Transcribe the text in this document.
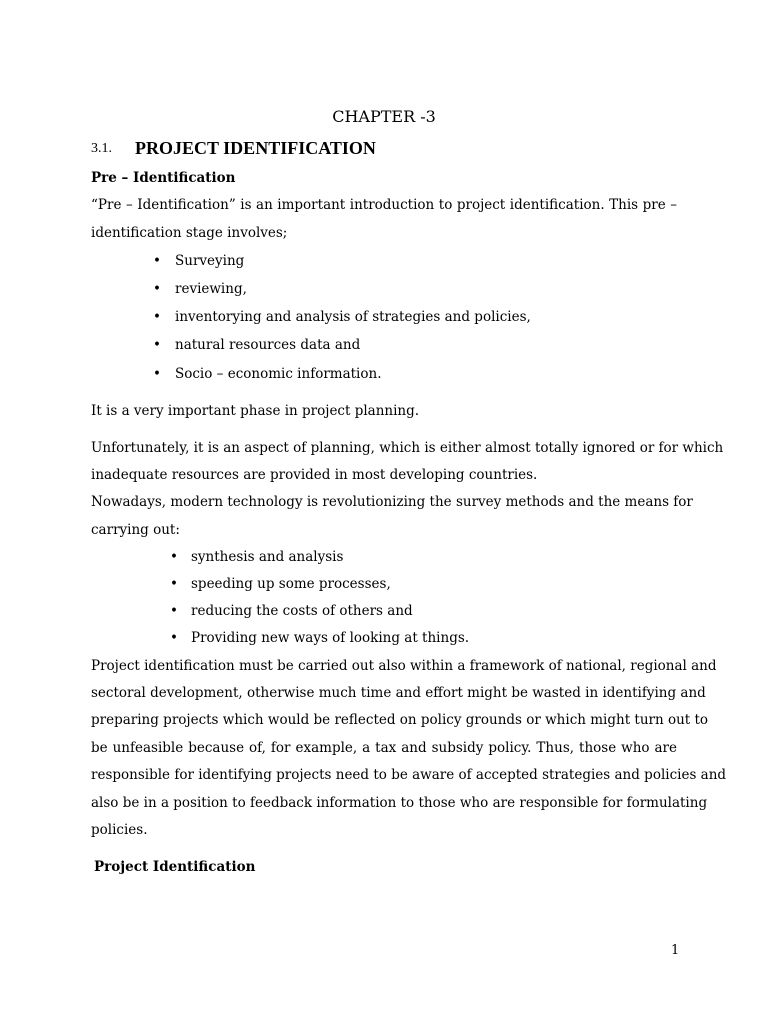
CHAPTER -3
3.1. PROJECT IDENTIFICATION
Pre – Identification
“Pre – Identification” is an important introduction to project identification. This pre –
identification stage involves;
• Surveying
• reviewing,
• inventorying and analysis of strategies and policies,
• natural resources data and
• Socio – economic information.
It is a very important phase in project planning.
Unfortunately, it is an aspect of planning, which is either almost totally ignored or for which
inadequate resources are provided in most developing countries.
Nowadays, modern technology is revolutionizing the survey methods and the means for
carrying out:
• synthesis and analysis
• speeding up some processes,
• reducing the costs of others and
• Providing new ways of looking at things.
Project identification must be carried out also within a framework of national, regional and
sectoral development, otherwise much time and effort might be wasted in identifying and
preparing projects which would be reflected on policy grounds or which might turn out to
be unfeasible because of, for example, a tax and subsidy policy. Thus, those who are
responsible for identifying projects need to be aware of accepted strategies and policies and
also be in a position to feedback information to those who are responsible for formulating
policies.
Project Identification
1
